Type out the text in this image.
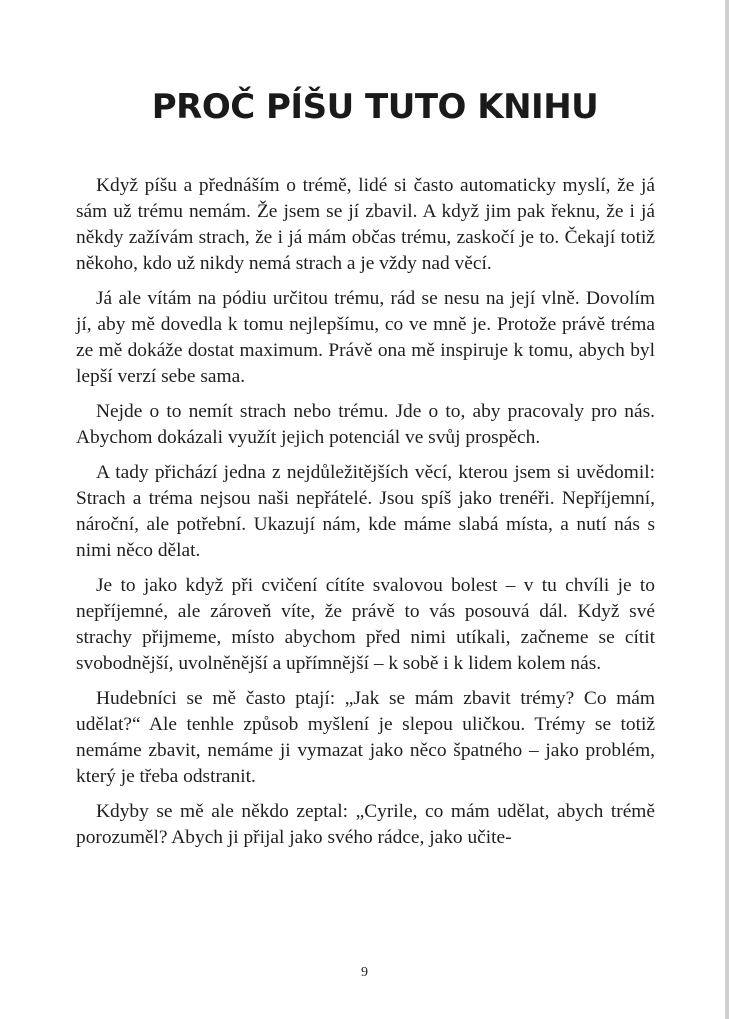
PROČ PÍŠU TUTO KNIHU

Když píšu a přednáším o trémě, lidé si často automaticky myslí, že já sám už trému nemám. Že jsem se jí zbavil. A když jim pak řeknu, že i já někdy zažívám strach, že i já mám občas trému, zaskočí je to. Čekají totiž někoho, kdo už nikdy nemá strach a je vždy nad věcí.

Já ale vítám na pódiu určitou trému, rád se nesu na její vlně. Dovolím jí, aby mě dovedla k tomu nejlepšímu, co ve mně je. Protože právě tréma ze mě dokáže dostat maximum. Právě ona mě inspiruje k tomu, abych byl lepší verzí sebe sama.

Nejde o to nemít strach nebo trému. Jde o to, aby pracovaly pro nás. Abychom dokázali využít jejich potenciál ve svůj prospěch.

A tady přichází jedna z nejdůležitějších věcí, kterou jsem si uvědomil: Strach a tréma nejsou naši nepřátelé. Jsou spíš jako trenéři. Nepříjemní, nároční, ale potřební. Ukazují nám, kde máme slabá místa, a nutí nás s nimi něco dělat.

Je to jako když při cvičení cítíte svalovou bolest – v tu chvíli je to nepříjemné, ale zároveň víte, že právě to vás posouvá dál. Když své strachy přijmeme, místo abychom před nimi utíkali, začneme se cítit svobodnější, uvolněnější a upřímnější – k sobě i k lidem kolem nás.

Hudebníci se mě často ptají: „Jak se mám zbavit trémy? Co mám udělat?“ Ale tenhle způsob myšlení je slepou uličkou. Trémy se totiž nemáme zbavit, nemáme ji vymazat jako něco špatného – jako problém, který je třeba odstranit.

Kdyby se mě ale někdo zeptal: „Cyrile, co mám udělat, abych trémě porozuměl? Abych ji přijal jako svého rádce, jako učite-

9
